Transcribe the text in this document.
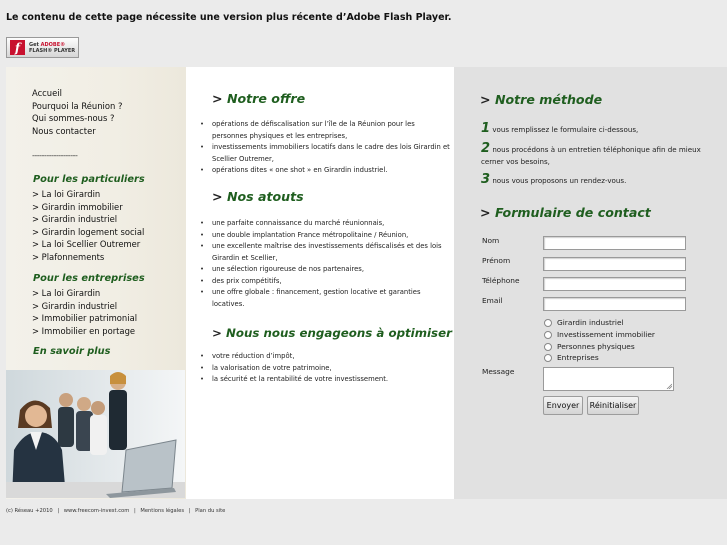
Le contenu de cette page nécessite une version plus récente d’Adobe Flash Player.
f	Get ADOBE®
FLASH® PLAYER
Accueil
Pourquoi la Réunion ?
Qui sommes-nous ?
Nous contacter
-------------------
Pour les particuliers
> La loi Girardin
> Girardin immobilier
> Girardin industriel
> Girardin logement social
> La loi Scellier Outremer
> Plafonnements
Pour les entreprises
> La loi Girardin
> Girardin industriel
> Immobilier patrimonial
> Immobilier en portage
En savoir plus
> Notre offre
• opérations de défiscalisation sur l’île de la Réunion pour les personnes physiques et les entreprises,
• investissements immobiliers locatifs dans le cadre des lois Girardin et Scellier Outremer,
• opérations dites « one shot » en Girardin industriel.
> Nos atouts
• une parfaite connaissance du marché réunionnais,
• une double implantation France métropolitaine / Réunion,
• une excellente maîtrise des investissements défiscalisés et des lois Girardin et Scellier,
• une sélection rigoureuse de nos partenaires,
• des prix compétitifs,
• une offre globale : financement, gestion locative et garanties locatives.
> Nous nous engageons à optimiser
• votre réduction d’impôt,
• la valorisation de votre patrimoine,
• la sécurité et la rentabilité de votre investissement.
> Notre méthode
1 vous remplissez le formulaire ci-dessous,
2 nous procédons à un entretien téléphonique afin de mieux cerner vos besoins,
3 nous vous proposons un rendez-vous.
> Formulaire de contact
Nom
Prénom
Téléphone
Email
Girardin industriel
Investissement immobilier
Personnes physiques
Entreprises
Message
Envoyer	Réinitialiser
(c) Réseau +2010 | www.freecom-invest.com | Mentions légales | Plan du site
